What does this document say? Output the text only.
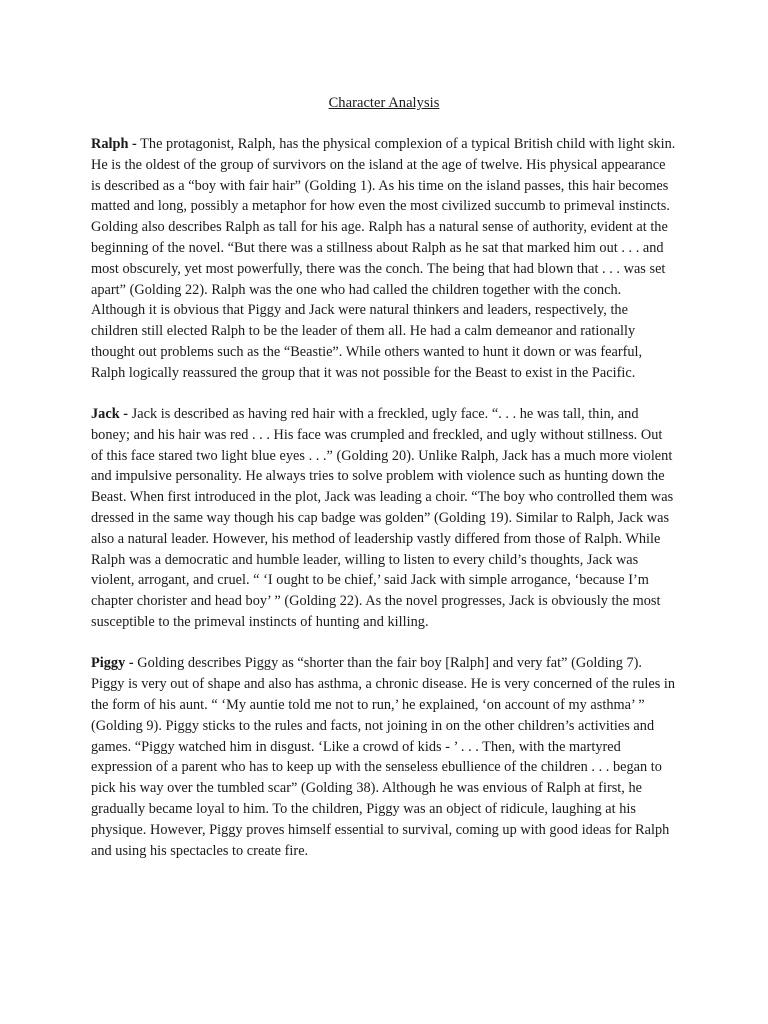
Character Analysis

Ralph - The protagonist, Ralph, has the physical complexion of a typical British child with light skin. He is the oldest of the group of survivors on the island at the age of twelve. His physical appearance is described as a “boy with fair hair” (Golding 1). As his time on the island passes, this hair becomes matted and long, possibly a metaphor for how even the most civilized succumb to primeval instincts. Golding also describes Ralph as tall for his age. Ralph has a natural sense of authority, evident at the beginning of the novel. “But there was a stillness about Ralph as he sat that marked him out . . . and most obscurely, yet most powerfully, there was the conch. The being that had blown that . . . was set apart” (Golding 22). Ralph was the one who had called the children together with the conch. Although it is obvious that Piggy and Jack were natural thinkers and leaders, respectively, the children still elected Ralph to be the leader of them all. He had a calm demeanor and rationally thought out problems such as the “Beastie”. While others wanted to hunt it down or was fearful, Ralph logically reassured the group that it was not possible for the Beast to exist in the Pacific.

Jack - Jack is described as having red hair with a freckled, ugly face. “. . . he was tall, thin, and boney; and his hair was red . . . His face was crumpled and freckled, and ugly without stillness. Out of this face stared two light blue eyes . . .” (Golding 20). Unlike Ralph, Jack has a much more violent and impulsive personality. He always tries to solve problem with violence such as hunting down the Beast. When first introduced in the plot, Jack was leading a choir. “The boy who controlled them was dressed in the same way though his cap badge was golden” (Golding 19). Similar to Ralph, Jack was also a natural leader. However, his method of leadership vastly differed from those of Ralph. While Ralph was a democratic and humble leader, willing to listen to every child’s thoughts, Jack was violent, arrogant, and cruel. “ ‘I ought to be chief,’ said Jack with simple arrogance, ‘because I’m chapter chorister and head boy’ ” (Golding 22). As the novel progresses, Jack is obviously the most susceptible to the primeval instincts of hunting and killing.

Piggy - Golding describes Piggy as “shorter than the fair boy [Ralph] and very fat” (Golding 7). Piggy is very out of shape and also has asthma, a chronic disease. He is very concerned of the rules in the form of his aunt. “ ‘My auntie told me not to run,’ he explained, ‘on account of my asthma’ ” (Golding 9). Piggy sticks to the rules and facts, not joining in on the other children’s activities and games. “Piggy watched him in disgust. ‘Like a crowd of kids - ’ . . . Then, with the martyred expression of a parent who has to keep up with the senseless ebullience of the children . . . began to pick his way over the tumbled scar” (Golding 38). Although he was envious of Ralph at first, he gradually became loyal to him. To the children, Piggy was an object of ridicule, laughing at his physique. However, Piggy proves himself essential to survival, coming up with good ideas for Ralph and using his spectacles to create fire.
